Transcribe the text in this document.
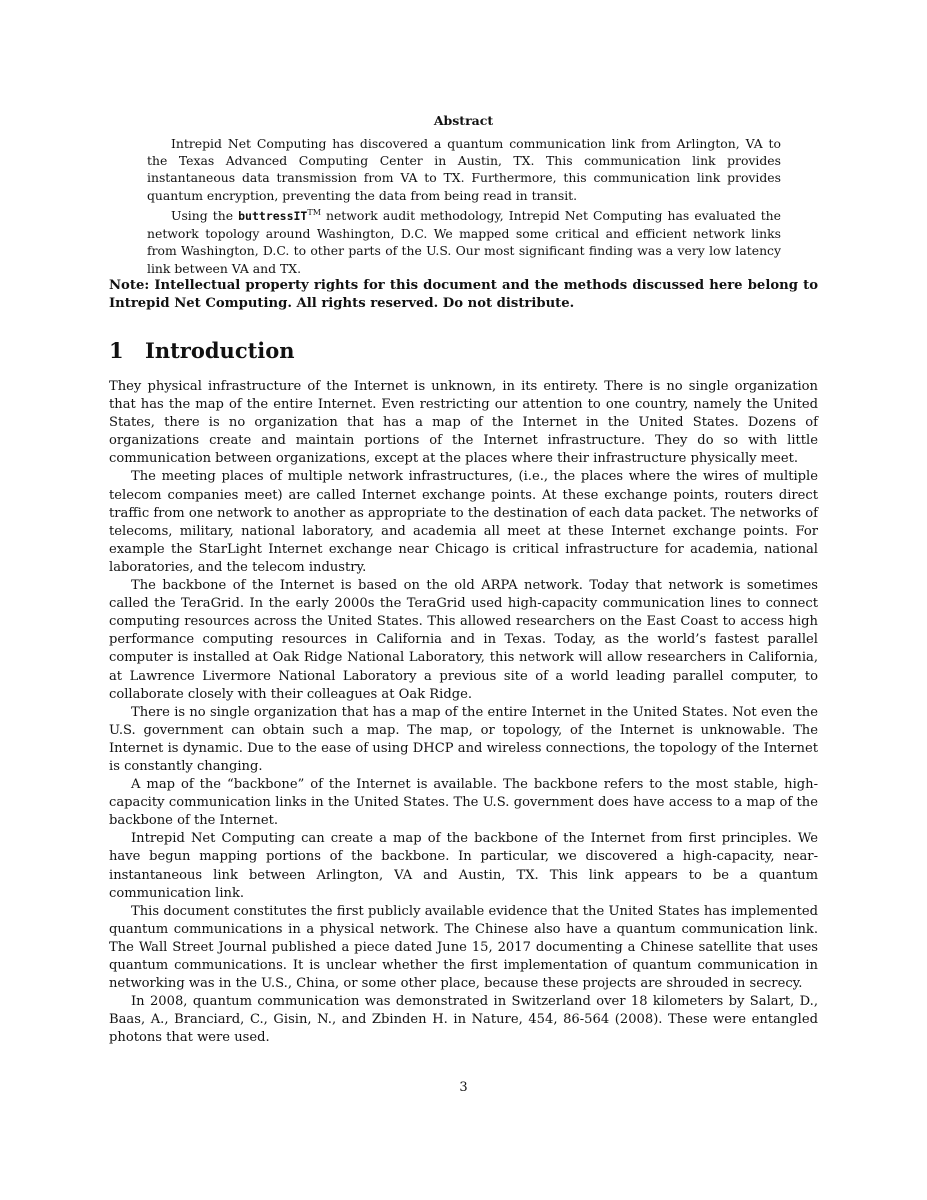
Abstract

Intrepid Net Computing has discovered a quantum communication link from Arlington, VA to the Texas Advanced Computing Center in Austin, TX. This communication link provides instantaneous data transmission from VA to TX. Furthermore, this communication link provides quantum encryption, preventing the data from being read in transit.

Using the buttressIT™ network audit methodology, Intrepid Net Computing has evaluated the network topology around Washington, D.C. We mapped some critical and efficient network links from Washington, D.C. to other parts of the U.S. Our most significant finding was a very low latency link between VA and TX.

Note: Intellectual property rights for this document and the methods discussed here belong to Intrepid Net Computing. All rights reserved. Do not distribute.
1 Introduction

They physical infrastructure of the Internet is unknown, in its entirety. There is no single organization that has the map of the entire Internet. Even restricting our attention to one country, namely the United States, there is no organization that has a map of the Internet in the United States. Dozens of organizations create and maintain portions of the Internet infrastructure. They do so with little communication between organizations, except at the places where their infrastructure physically meet.

The meeting places of multiple network infrastructures, (i.e., the places where the wires of multiple telecom companies meet) are called Internet exchange points. At these exchange points, routers direct traffic from one network to another as appropriate to the destination of each data packet. The networks of telecoms, military, national laboratory, and academia all meet at these Internet exchange points. For example the StarLight Internet exchange near Chicago is critical infrastructure for academia, national laboratories, and the telecom industry.

The backbone of the Internet is based on the old ARPA network. Today that network is sometimes called the TeraGrid. In the early 2000s the TeraGrid used high-capacity communication lines to connect computing resources across the United States. This allowed researchers on the East Coast to access high performance computing resources in California and in Texas. Today, as the world’s fastest parallel computer is installed at Oak Ridge National Laboratory, this network will allow researchers in California, at Lawrence Livermore National Laboratory a previous site of a world leading parallel computer, to collaborate closely with their colleagues at Oak Ridge.

There is no single organization that has a map of the entire Internet in the United States. Not even the U.S. government can obtain such a map. The map, or topology, of the Internet is unknowable. The Internet is dynamic. Due to the ease of using DHCP and wireless connections, the topology of the Internet is constantly changing.

A map of the “backbone” of the Internet is available. The backbone refers to the most stable, high-capacity communication links in the United States. The U.S. government does have access to a map of the backbone of the Internet.

Intrepid Net Computing can create a map of the backbone of the Internet from first principles. We have begun mapping portions of the backbone. In particular, we discovered a high-capacity, near-instantaneous link between Arlington, VA and Austin, TX. This link appears to be a quantum communication link.

This document constitutes the first publicly available evidence that the United States has implemented quantum communications in a physical network. The Chinese also have a quantum communication link. The Wall Street Journal published a piece dated June 15, 2017 documenting a Chinese satellite that uses quantum communications. It is unclear whether the first implementation of quantum communication in networking was in the U.S., China, or some other place, because these projects are shrouded in secrecy.

In 2008, quantum communication was demonstrated in Switzerland over 18 kilometers by Salart, D., Baas, A., Branciard, C., Gisin, N., and Zbinden H. in Nature, 454, 86-564 (2008). These were entangled photons that were used.

3
